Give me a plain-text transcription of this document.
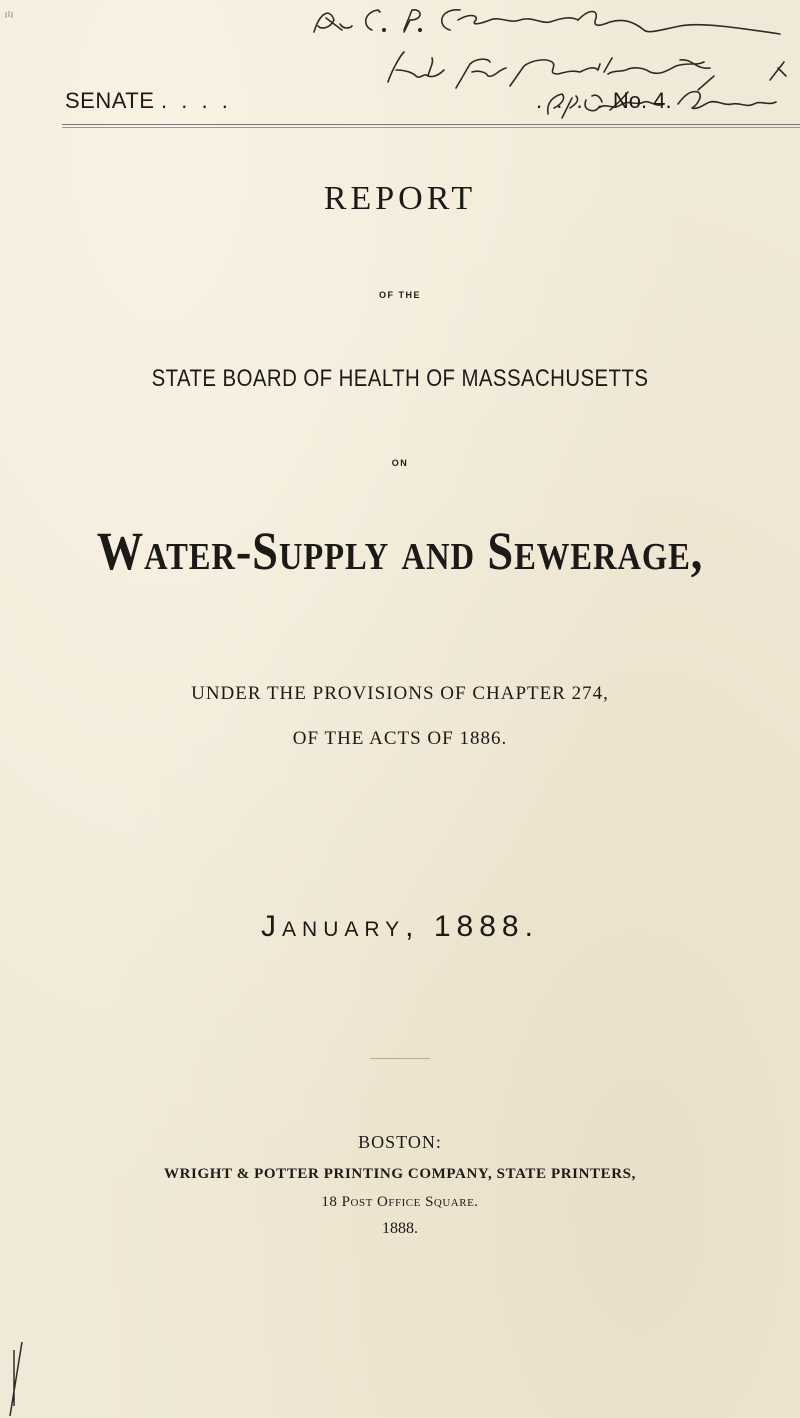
SENATE . . . .	. . . . No. 4.
REPORT
OF THE
STATE BOARD OF HEALTH OF MASSACHUSETTS
ON
Water-Supply and Sewerage,
UNDER THE PROVISIONS OF CHAPTER 274,
OF THE ACTS OF 1886.
January, 1888.
BOSTON:
WRIGHT & POTTER PRINTING COMPANY, STATE PRINTERS,
18 Post Office Square.
1888.
